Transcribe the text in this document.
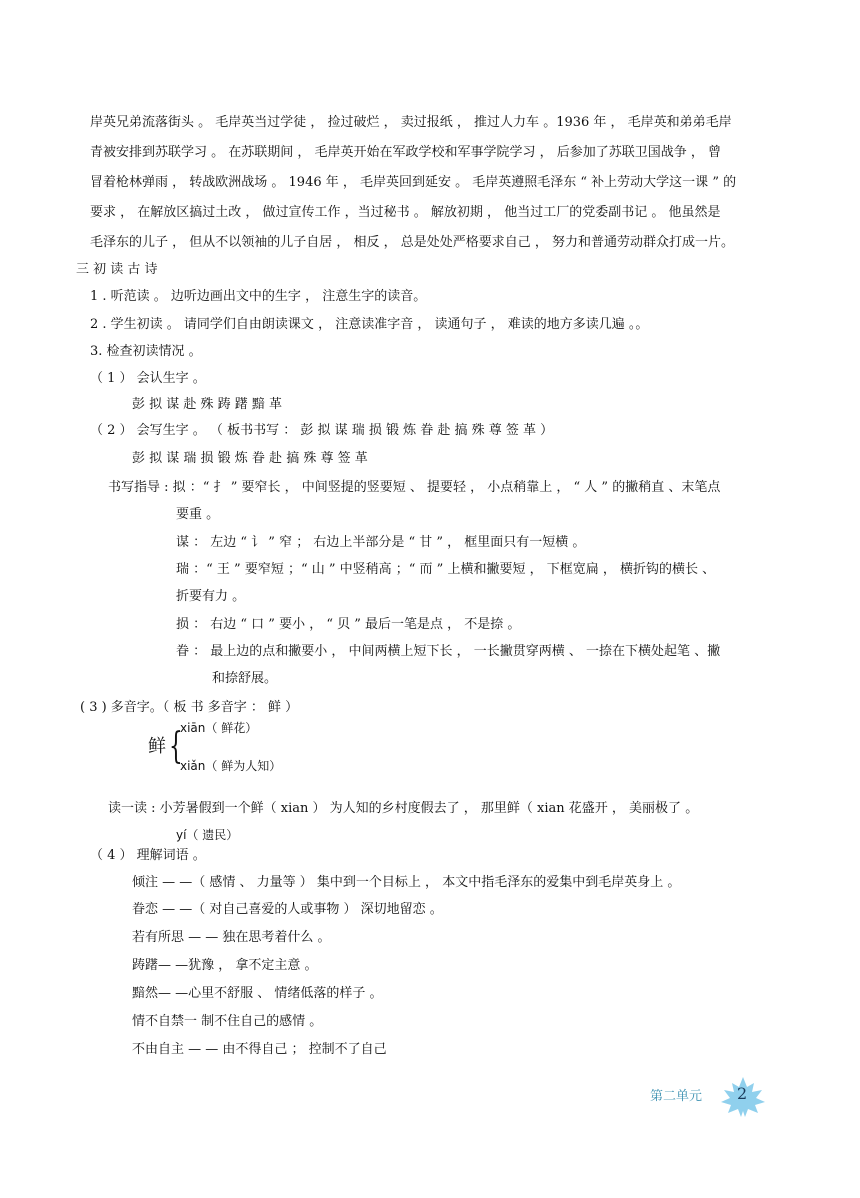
岸英兄弟流落街头 。 毛岸英当过学徒 ， 捡过破烂 ， 卖过报纸 ， 推过人力车 。1936 年 ， 毛岸英和弟弟毛岸
青被安排到苏联学习 。 在苏联期间 ， 毛岸英开始在军政学校和军事学院学习 ， 后参加了苏联卫国战争 ， 曾
冒着枪林弹雨 ， 转战欧洲战场 。 1946 年 ， 毛岸英回到延安 。 毛岸英遵照毛泽东 “ 补上劳动大学这一课 ” 的
要求 ， 在解放区搞过土改 ， 做过宣传工作 ，当过秘书 。 解放初期 ， 他当过工厂的党委副书记 。 他虽然是
毛泽东的儿子 ， 但从不以领袖的儿子自居 ， 相反 ， 总是处处严格要求自己 ， 努力和普通劳动群众打成一片。
三 初 读 古 诗
1 . 听范读 。 边听边画出文中的生字 ， 注意生字的读音。
2 . 学生初读 。 请同学们自由朗读课文 ， 注意读准字音 ， 读通句子 ， 难读的地方多读几遍 。。
3. 检查初读情况 。
（ 1 ） 会认生字 。
彭 拟 谋 赴 殊 踌 躇 黯 革
（ 2 ） 会写生字 。 （ 板书书写 ： 彭 拟 谋 瑞 损 锻 炼 眷 赴 搞 殊 尊 签 革 ）
彭 拟 谋 瑞 损 锻 炼 眷 赴 搞 殊 尊 签 革
书写指导 : 拟 ：“ 扌 ” 要窄长 ， 中间竖提的竖要短 、 提要轻 ， 小点稍靠上 ， “ 人 ” 的撇稍直 、末笔点
要重 。
谋 ： 左边 “ 讠 ” 窄 ； 右边上半部分是 “ 甘 ” ， 框里面只有一短横 。
瑞 ：“ 王 ” 要窄短 ；“ 山 ” 中竖稍高 ；“ 而 ” 上横和撇要短 ， 下框宽扁 ， 横折钩的横长 、
折要有力 。
损 ： 右边 “ 口 ” 要小 ， “ 贝 ” 最后一笔是点 ， 不是捺 。
眷 ： 最上边的点和撇要小 ， 中间两横上短下长 ， 一长撇贯穿两横 、 一捺在下横处起笔 、撇
和捺舒展。
( 3 ) 多音字。（ 板 书 多音字 ： 鲜 ）
鲜 {
xiān（ 鲜花）
xiǎn（ 鲜为人知）
读一读 : 小芳暑假到一个鲜（ xian ） 为人知的乡村度假去了 ， 那里鲜（ xian 花盛开 ， 美丽极了 。
yí（ 遗民）
（ 4 ） 理解词语 。
倾注 — —（ 感情 、 力量等 ） 集中到一个目标上 ， 本文中指毛泽东的爱集中到毛岸英身上 。
眷恋 — —（ 对自己喜爱的人或事物 ） 深切地留恋 。
若有所思 — — 独在思考着什么 。
踌躇— —犹豫 ， 拿不定主意 。
黯然— —心里不舒服 、 情绪低落的样子 。
情不自禁一 制不住自己的感情 。
不由自主 — — 由不得自己 ； 控制不了自己
第二单元 2
